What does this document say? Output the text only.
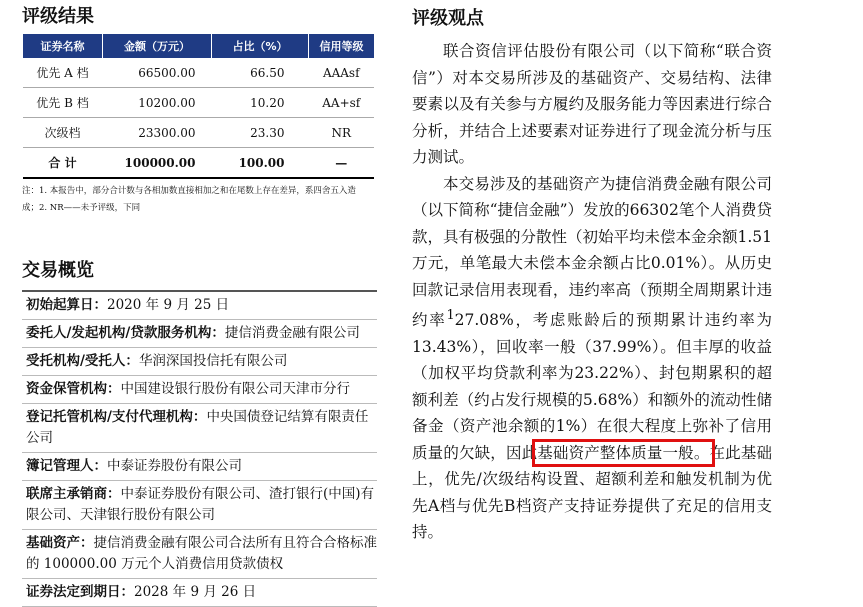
评级结果
证券名称	金额（万元）	占比（%）	信用等级
优先 A 档	66500.00	66.50	AAAsf
优先 B 档	10200.00	10.20	AA+sf
次级档	23300.00	23.30	NR
合 计	100000.00	100.00	—
注：1. 本报告中，部分合计数与各相加数直接相加之和在尾数上存在差异，系四舍五入造成；2. NR——未予评级，下同
交易概览
初始起算日：2020 年 9 月 25 日
委托人/发起机构/贷款服务机构：捷信消费金融有限公司
受托机构/受托人：华润深国投信托有限公司
资金保管机构：中国建设银行股份有限公司天津市分行
登记托管机构/支付代理机构：中央国债登记结算有限责任公司
簿记管理人：中泰证券股份有限公司
联席主承销商：中泰证券股份有限公司、渣打银行(中国)有限公司、天津银行股份有限公司
基础资产：捷信消费金融有限公司合法所有且符合合格标准的 100000.00 万元个人消费信用贷款债权
证券法定到期日：2028 年 9 月 26 日
评级观点

联合资信评估股份有限公司（以下简称“联合资信”）对本交易所涉及的基础资产、交易结构、法律要素以及有关参与方履约及服务能力等因素进行综合分析，并结合上述要素对证券进行了现金流分析与压力测试。

本交易涉及的基础资产为捷信消费金融有限公司（以下简称“捷信金融”）发放的66302笔个人消费贷款，具有极强的分散性（初始平均未偿本金余额1.51万元，单笔最大未偿本金余额占比0.01%）。从历史回款记录信用表现看，违约率高（预期全周期累计违约率$^1$27.08%，考虑账龄后的预期累计违约率为13.43%），回收率一般（37.99%）。但丰厚的收益（加权平均贷款利率为23.22%）、封包期累积的超额利差（约占发行规模的5.68%）和额外的流动性储备金（资产池余额的1%）在很大程度上弥补了信用质量的欠缺，因此基础资产整体质量一般。在此基础上，优先/次级结构设置、超额利差和触发机制为优先A档与优先B档资产支持证券提供了充足的信用支持。
